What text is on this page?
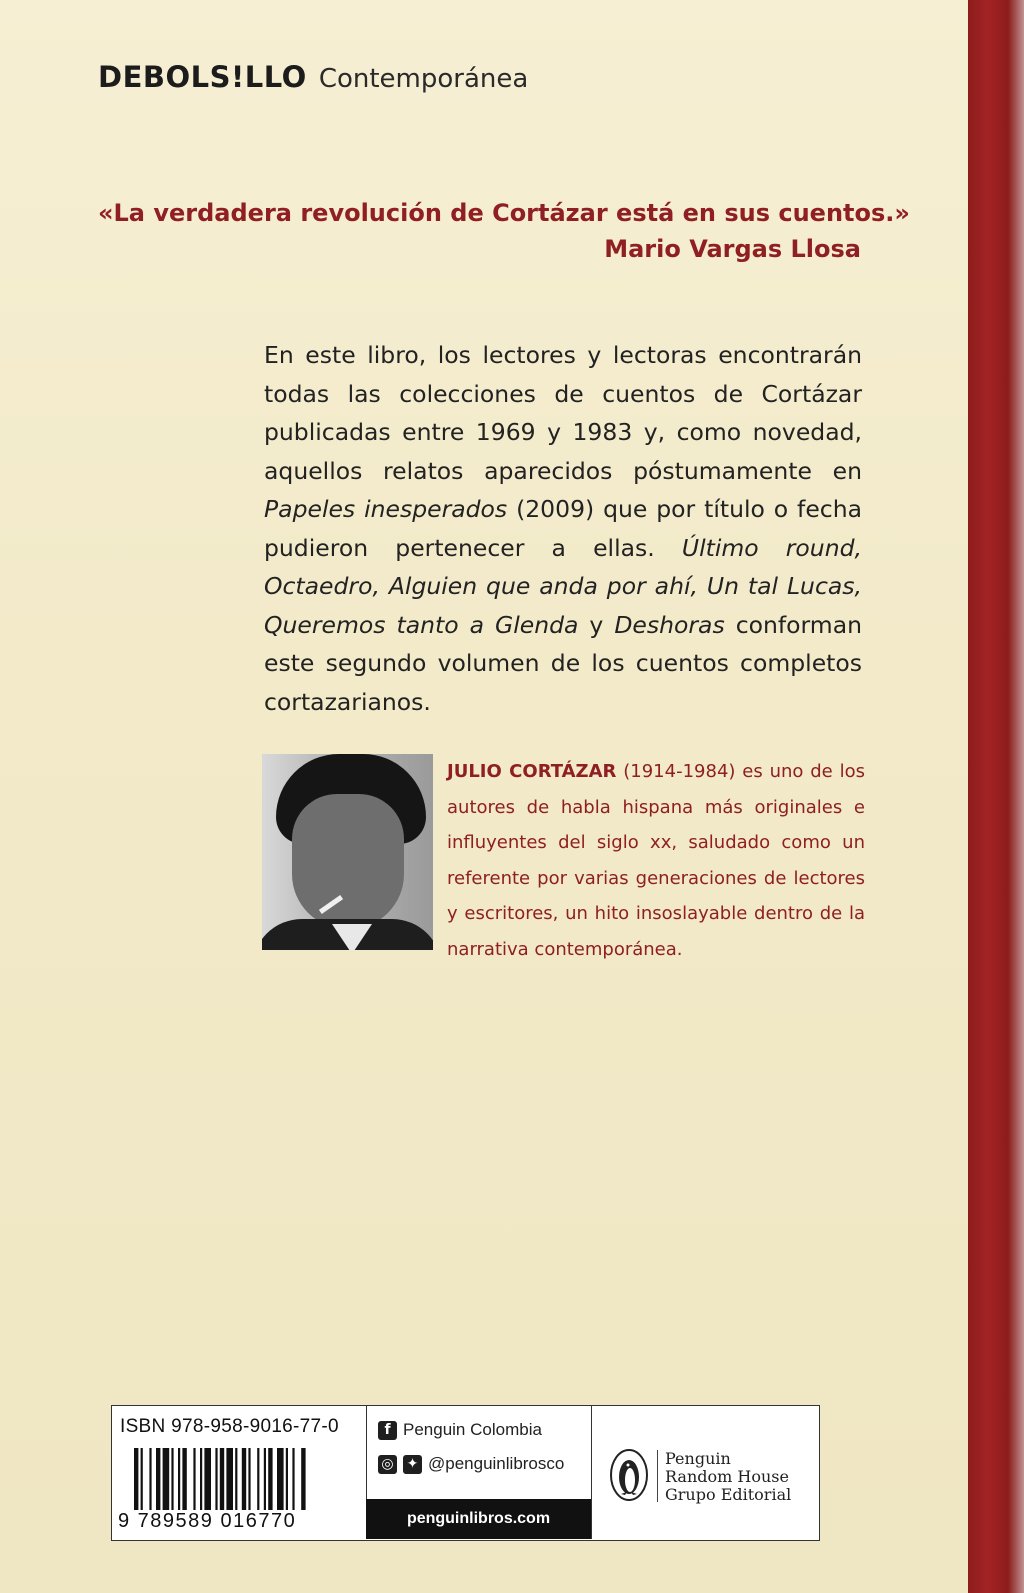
DEBOLS!LLO Contemporánea
«La verdadera revolución de Cortázar está en sus cuentos.»
Mario Vargas Llosa

En este libro, los lectores y lectoras encontrarán todas las colecciones de cuentos de Cortázar publicadas entre 1969 y 1983 y, como novedad, aquellos relatos aparecidos póstumamente en Papeles inesperados (2009) que por título o fecha pudieron pertenecer a ellas. Último round, Octaedro, Alguien que anda por ahí, Un tal Lucas, Queremos tanto a Glenda y Deshoras conforman este segundo volumen de los cuentos completos cortazarianos.

JULIO CORTÁZAR (1914-1984) es uno de los autores de habla hispana más originales e influyentes del siglo xx, saludado como un referente por varias generaciones de lectores y escritores, un hito insoslayable dentro de la narrativa contemporánea.
ISBN 978-958-9016-77-0
9 789589 016770
f Penguin Colombia
◎ ✦ @penguinlibrosco
penguinlibros.com
Penguin
Random House
Grupo Editorial
